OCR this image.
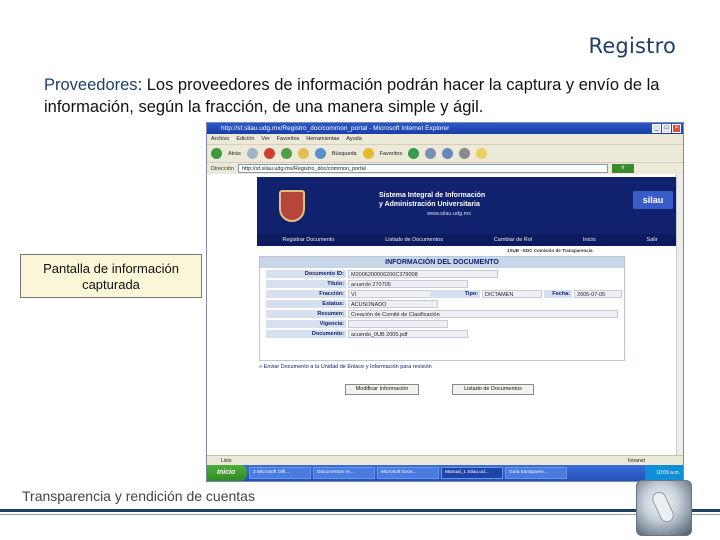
Registro
Proveedores: Los proveedores de información podrán hacer la captura y envío de la información, según la fracción, de una manera simple y ágil.
Pantalla de información capturada
http://sf.silau.udg.mx/Registro_doc/common_portal - Microsoft Internet Explorer	_	□	×
Archivo Edición Ver Favoritos Herramientas Ayuda
Atrás	Búsqueda	Favoritos
Dirección	http://sf.silau.udg.mx/Registro_doc/common_portal	Ir
Sistema Integral de Información
y Administración Universitaria
www.silau.udg.mx
silau
Registrar Documento	Listado de Documentos	Cambiar de Rol	Inicio	Salir
1SUB - EDC Comisión de Transparencia
INFORMACIÓN DEL DOCUMENTO
Documento ID:	M2006200006200C379008
Título:	acuerdo 270705
Fracción:	VI	Tipo:	DICTAMEN	Fecha:	2005-07-05
Estatus:	ACUSONADO
Resumen:	Creación de Comité de Clasificación
Vigencia:
Documento:	acuerdo_0UB 2005.pdf
» Enviar Documento a la Unidad de Enlace y Información para revisión
Modificar Información	Listado de Documentos
Listo	Intranet
Inicio	2 Microsoft Offi...	Documentos re...	Microsoft Exce...	Manual_1 Silau.ud...	Guía transparen...	10:09 a.m.
Transparencia y rendición de cuentas
